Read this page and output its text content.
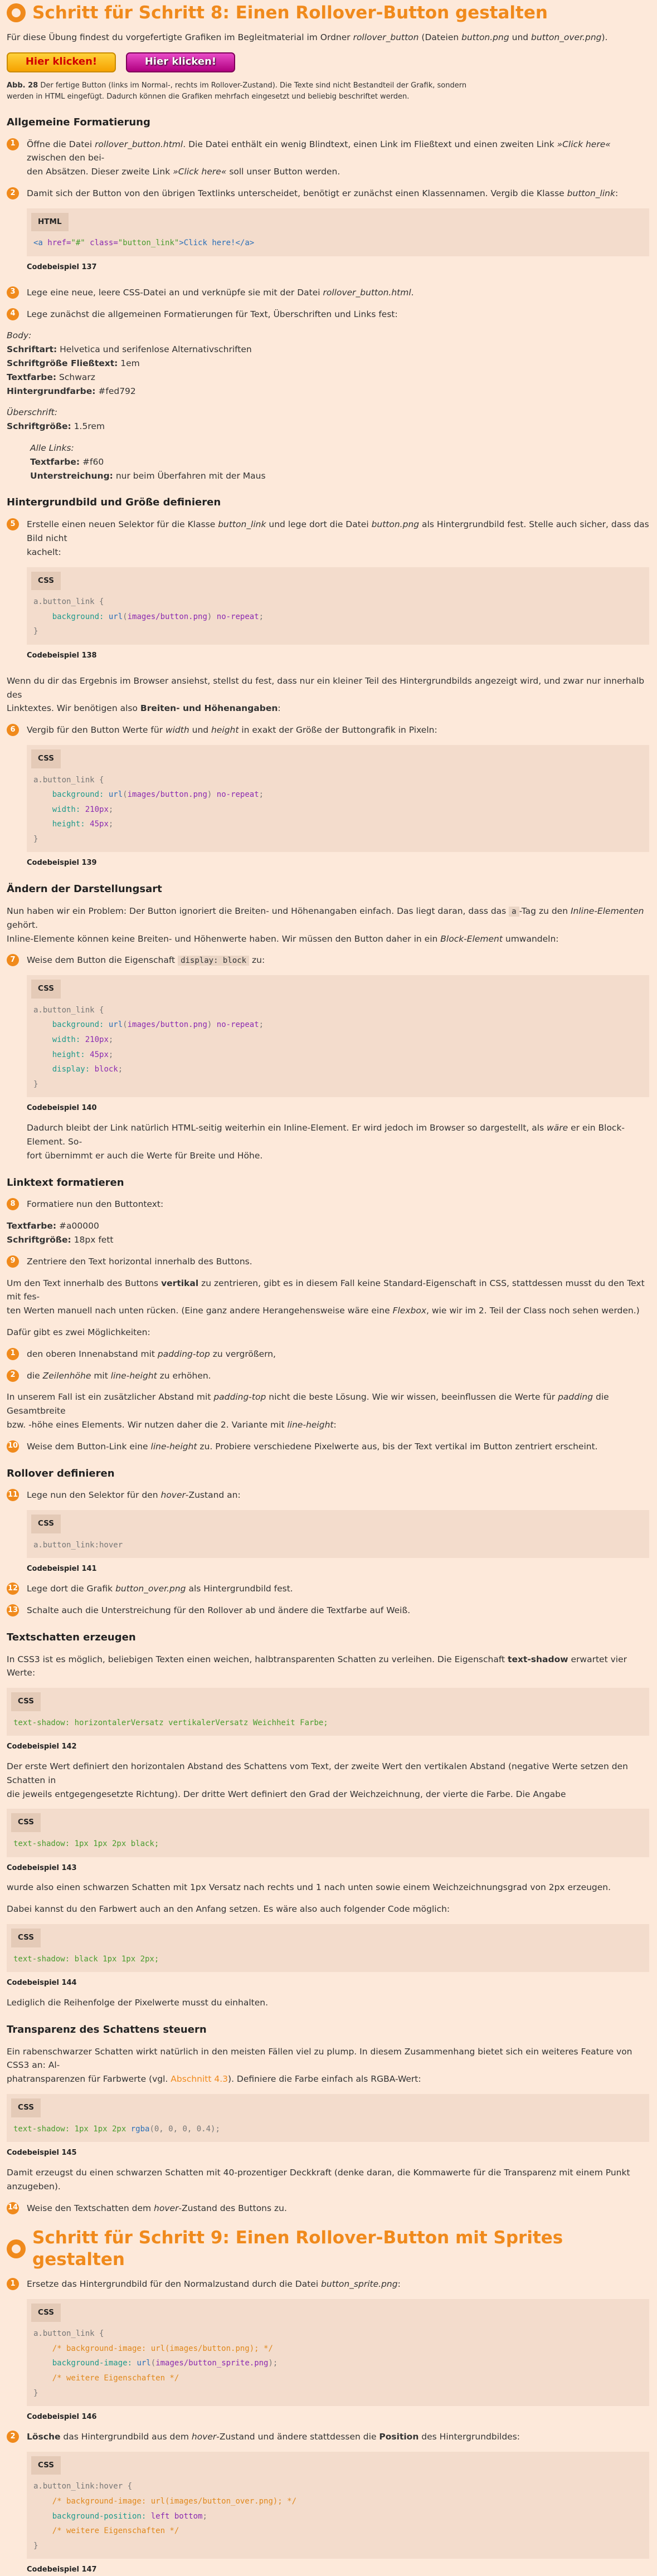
Schritt für Schritt 8: Einen Rollover-Button gestalten

Für diese Übung findest du vorgefertigte Grafiken im Begleitmaterial im Ordner rollover_button (Dateien button.png und button_over.png).

Hier klicken!	Hier klicken!
Abb. 28 Der fertige Button (links im Normal-, rechts im Rollover-Zustand). Die Texte sind nicht Bestandteil der Grafik, sondern
werden in HTML eingefügt. Dadurch können die Grafiken mehrfach eingesetzt und beliebig beschriftet werden.
Allgemeine Formatierung
1	Öffne die Datei rollover_button.html. Die Datei enthält ein wenig Blindtext, einen Link im Fließtext und einen zweiten Link »Click here« zwischen den bei-
den Absätzen. Dieser zweite Link »Click here« soll unser Button werden.
2	Damit sich der Button von den übrigen Textlinks unterscheidet, benötigt er zunächst einen Klassennamen. Vergib die Klasse button_link:
HTML
<a href="#" class="button_link">Click here!</a>
Codebeispiel 137
3	Lege eine neue, leere CSS-Datei an und verknüpfe sie mit der Datei rollover_button.html.
4	Lege zunächst die allgemeinen Formatierungen für Text, Überschriften und Links fest:
Body:
Schriftart: Helvetica und serifenlose Alternativschriften
Schriftgröße Fließtext: 1em
Textfarbe: Schwarz
Hintergrundfarbe: #fed792
Überschrift:
Schriftgröße: 1.5rem
Alle Links:
Textfarbe: #f60
Unterstreichung: nur beim Überfahren mit der Maus
Hintergrundbild und Größe definieren
5	Erstelle einen neuen Selektor für die Klasse button_link und lege dort die Datei button.png als Hintergrundbild fest. Stelle auch sicher, dass das Bild nicht
kachelt:
CSS
a.button_link {
background: url(images/button.png) no-repeat;
}
Codebeispiel 138

Wenn du dir das Ergebnis im Browser ansiehst, stellst du fest, dass nur ein kleiner Teil des Hintergrundbilds angezeigt wird, und zwar nur innerhalb des
Linktextes. Wir benötigen also Breiten- und Höhenangaben:

6	Vergib für den Button Werte für width und height in exakt der Größe der Buttongrafik in Pixeln:
CSS
a.button_link {
background: url(images/button.png) no-repeat;
width: 210px;
height: 45px;
}
Codebeispiel 139
Ändern der Darstellungsart

Nun haben wir ein Problem: Der Button ignoriert die Breiten- und Höhenangaben einfach. Das liegt daran, dass das a -Tag zu den Inline-Elementen gehört.
Inline-Elemente können keine Breiten- und Höhenwerte haben. Wir müssen den Button daher in ein Block-Element umwandeln:

7	Weise dem Button die Eigenschaft display: block zu:
CSS
a.button_link {
background: url(images/button.png) no-repeat;
width: 210px;
height: 45px;
display: block;
}
Codebeispiel 140

Dadurch bleibt der Link natürlich HTML-seitig weiterhin ein Inline-Element. Er wird jedoch im Browser so dargestellt, als wäre er ein Block-Element. So-
fort übernimmt er auch die Werte für Breite und Höhe.

Linktext formatieren
8	Formatiere nun den Buttontext:
Textfarbe: #a00000
Schriftgröße: 18px fett
9	Zentriere den Text horizontal innerhalb des Buttons.

Um den Text innerhalb des Buttons vertikal zu zentrieren, gibt es in diesem Fall keine Standard-Eigenschaft in CSS, stattdessen musst du den Text mit fes-
ten Werten manuell nach unten rücken. (Eine ganz andere Herangehensweise wäre eine Flexbox, wie wir im 2. Teil der Class noch sehen werden.)

Dafür gibt es zwei Möglichkeiten:

1	den oberen Innenabstand mit padding-top zu vergrößern,
2	die Zeilenhöhe mit line-height zu erhöhen.

In unserem Fall ist ein zusätzlicher Abstand mit padding-top nicht die beste Lösung. Wie wir wissen, beeinflussen die Werte für padding die Gesamtbreite
bzw. -höhe eines Elements. Wir nutzen daher die 2. Variante mit line-height:

10 Weise dem Button-Link eine line-height zu. Probiere verschiedene Pixelwerte aus, bis der Text vertikal im Button zentriert erscheint.
Rollover definieren
11 Lege nun den Selektor für den hover-Zustand an:
CSS
a.button_link:hover
Codebeispiel 141
12 Lege dort die Grafik button_over.png als Hintergrundbild fest.
13 Schalte auch die Unterstreichung für den Rollover ab und ändere die Textfarbe auf Weiß.
Textschatten erzeugen

In CSS3 ist es möglich, beliebigen Texten einen weichen, halbtransparenten Schatten zu verleihen. Die Eigenschaft text-shadow erwartet vier Werte:

CSS
text-shadow: horizontalerVersatz vertikalerVersatz Weichheit Farbe;
Codebeispiel 142

Der erste Wert definiert den horizontalen Abstand des Schattens vom Text, der zweite Wert den vertikalen Abstand (negative Werte setzen den Schatten in
die jeweils entgegengesetzte Richtung). Der dritte Wert definiert den Grad der Weichzeichnung, der vierte die Farbe. Die Angabe

CSS
text-shadow: 1px 1px 2px black;
Codebeispiel 143

wurde also einen schwarzen Schatten mit 1px Versatz nach rechts und 1 nach unten sowie einem Weichzeichnungsgrad von 2px erzeugen.

Dabei kannst du den Farbwert auch an den Anfang setzen. Es wäre also auch folgender Code möglich:

CSS
text-shadow: black 1px 1px 2px;
Codebeispiel 144

Lediglich die Reihenfolge der Pixelwerte musst du einhalten.

Transparenz des Schattens steuern

Ein rabenschwarzer Schatten wirkt natürlich in den meisten Fällen viel zu plump. In diesem Zusammenhang bietet sich ein weiteres Feature von CSS3 an: Al-
phatransparenzen für Farbwerte (vgl. Abschnitt 4.3). Definiere die Farbe einfach als RGBA-Wert:

CSS
text-shadow: 1px 1px 2px rgba(0, 0, 0, 0.4);
Codebeispiel 145

Damit erzeugst du einen schwarzen Schatten mit 40-prozentiger Deckkraft (denke daran, die Kommawerte für die Transparenz mit einem Punkt
anzugeben).

14 Weise den Textschatten dem hover-Zustand des Buttons zu.
Schritt für Schritt 9: Einen Rollover-Button mit Sprites gestalten
1	Ersetze das Hintergrundbild für den Normalzustand durch die Datei button_sprite.png:
CSS
a.button_link {
/* background-image: url(images/button.png); */
background-image: url(images/button_sprite.png);
/* weitere Eigenschaften */
}
Codebeispiel 146
2	Lösche das Hintergrundbild aus dem hover-Zustand und ändere stattdessen die Position des Hintergrundbildes:
CSS
a.button_link:hover {
/* background-image: url(images/button_over.png); */
background-position: left bottom;
/* weitere Eigenschaften */
}
Codebeispiel 147
